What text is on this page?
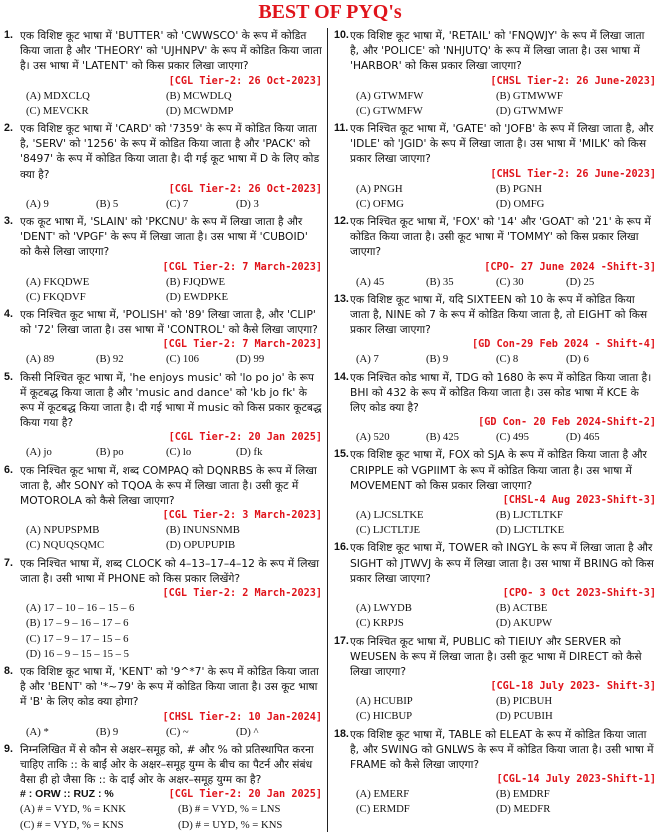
BEST OF PYQ's
1. एक विशिष्ट कूट भाषा में 'BUTTER' को 'CWWSCO' के रूप में कोडित किया जाता है और 'THEORY' को 'UJHNPV' के रूप में कोडित किया जाता है। उस भाषा में 'LATENT' को किस प्रकार लिखा जाएगा?
[CGL Tier-2: 26 Oct-2023]
(A) MDXCLQ	(B) MCWDLQ
(C) MEVCKR	(D) MCWDMP
2. एक विशिष्ट कूट भाषा में 'CARD' को '7359' के रूप में कोडित किया जाता है, 'SERV' को '1256' के रूप में कोडित किया जाता है और 'PACK' को '8497' के रूप में कोडित किया जाता है। दी गई कूट भाषा में D के लिए कोड क्या है?
[CGL Tier-2: 26 Oct-2023]
(A) 9	(B) 5	(C) 7	(D) 3
3. एक कूट भाषा में, 'SLAIN' को 'PKCNU' के रूप में लिखा जाता है और 'DENT' को 'VPGF' के रूप में लिखा जाता है। उस भाषा में 'CUBOID' को कैसे लिखा जाएगा?
[CGL Tier-2: 7 March-2023]
(A) FKQDWE	(B) FJQDWE
(C) FKQDVF	(D) EWDPKE
4. एक निश्चित कूट भाषा में, 'POLISH' को '89' लिखा जाता है, और 'CLIP' को '72' लिखा जाता है। उस भाषा में 'CONTROL' को कैसे लिखा जाएगा?
[CGL Tier-2: 7 March-2023]
(A) 89	(B) 92	(C) 106	(D) 99
5. किसी निश्चित कूट भाषा में, 'he enjoys music' को 'lo po jo' के रूप में कूटबद्ध किया जाता है और 'music and dance' को 'kb jo fk' के रूप में कूटबद्ध किया जाता है। दी गई भाषा में music को किस प्रकार कूटबद्ध किया गया है?
[CGL Tier-2: 20 Jan 2025]
(A) jo	(B) po	(C) lo	(D) fk
6. एक निश्चित कूट भाषा में, शब्द COMPAQ को DQNRBS के रूप में लिखा जाता है, और SONY को TQOA के रूप में लिखा जाता है। उसी कूट में MOTOROLA को कैसे लिखा जाएगा?
[CGL Tier-2: 3 March-2023]
(A) NPUPSPMB	(B) INUNSNMB
(C) NQUQSQMC	(D) OPUPUPIB
7. एक निश्चित भाषा में, शब्द CLOCK को 4–13–17–4–12 के रूप में लिखा जाता है। उसी भाषा में PHONE को किस प्रकार लिखेंगे?
[CGL Tier-2: 2 March-2023]
(A) 17 – 10 – 16 – 15 – 6
(B) 17 – 9 – 16 – 17 – 6
(C) 17 – 9 – 17 – 15 – 6
(D) 16 – 9 – 15 – 15 – 5
8. एक विशिष्ट कूट भाषा में, 'KENT' को '9^*7' के रूप में कोडित किया जाता है और 'BENT' को '*~79' के रूप में कोडित किया जाता है। उस कूट भाषा में 'B' के लिए कोड क्या होगा?
[CHSL Tier-2: 10 Jan-2024]
(A) *	(B) 9	(C) ~	(D) ^
9. निम्नलिखित में से कौन से अक्षर–समूह को, # और % को प्रतिस्थापित करना चाहिए ताकि :: के बाईं ओर के अक्षर–समूह युग्म के बीच का पैटर्न और संबंध वैसा ही हो जैसा कि :: के दाईं ओर के अक्षर–समूह युग्म का है?
# : ORW :: RUZ : %	[CGL Tier-2: 20 Jan 2025]
(A) # = VYD, % = KNK	(B) # = VYD, % = LNS
(C) # = VYD, % = KNS	(D) # = UYD, % = KNS
10. एक विशिष्ट कूट भाषा में, 'RETAIL' को 'FNQWJY' के रूप में लिखा जाता है, और 'POLICE' को 'NHJUTQ' के रूप में लिखा जाता है। उस भाषा में 'HARBOR' को किस प्रकार लिखा जाएगा?
[CHSL Tier-2: 26 June-2023]
(A) GTWMFW	(B) GTMWWF
(C) GTWMFW	(D) GTWMWF
11. एक निश्चित कूट भाषा में, 'GATE' को 'JOFB' के रूप में लिखा जाता है, और 'IDLE' को 'JGID' के रूप में लिखा जाता है। उस भाषा में 'MILK' को किस प्रकार लिखा जाएगा?
[CHSL Tier-2: 26 June-2023]
(A) PNGH	(B) PGNH
(C) OFMG	(D) OMFG
12. एक निश्चित कूट भाषा में, 'FOX' को '14' और 'GOAT' को '21' के रूप में कोडित किया जाता है। उसी कूट भाषा में 'TOMMY' को किस प्रकार लिखा जाएगा?
[CPO- 27 June 2024 -Shift-3]
(A) 45	(B) 35	(C) 30	(D) 25
13. एक विशिष्ट कूट भाषा में, यदि SIXTEEN को 10 के रूप में कोडित किया जाता है, NINE को 7 के रूप में कोडित किया जाता है, तो EIGHT को किस प्रकार लिखा जाएगा?
[GD Con-29 Feb 2024 - Shift-4]
(A) 7	(B) 9	(C) 8	(D) 6
14. एक निश्चित कोड भाषा में, TDG को 1680 के रूप में कोडित किया जाता है। BHI को 432 के रूप में कोडित किया जाता है। उस कोड भाषा में KCE के लिए कोड क्या है?
[GD Con- 20 Feb 2024-Shift-2]
(A) 520	(B) 425	(C) 495	(D) 465
15. एक विशिष्ट कूट भाषा में, FOX को SJA के रूप में कोडित किया जाता है और CRIPPLE को VGPIIMT के रूप में कोडित किया जाता है। उस भाषा में MOVEMENT को किस प्रकार लिखा जाएगा?
[CHSL-4 Aug 2023-Shift-3]
(A) LJCSLTKE	(B) LJCTLTKF
(C) LJCTLTJE	(D) LJCTLTKE
16. एक विशिष्ट कूट भाषा में, TOWER को INGYL के रूप में लिखा जाता है और SIGHT को JTWVJ के रूप में लिखा जाता है। उस भाषा में BRING को किस प्रकार लिखा जाएगा?
[CPO- 3 Oct 2023-Shift-3]
(A) LWYDB	(B) ACTBE
(C) KRPJS	(D) AKUPW
17. एक निश्चित कूट भाषा में, PUBLIC को TIEIUY और SERVER को WEUSEN के रूप में लिखा जाता है। उसी कूट भाषा में DIRECT को कैसे लिखा जाएगा?
[CGL-18 July 2023- Shift-3]
(A) HCUBIP	(B) PICBUH
(C) HICBUP	(D) PCUBIH
18. एक विशिष्ट कूट भाषा में, TABLE को ELEAT के रूप में कोडित किया जाता है, और SWING को GNLWS के रूप में कोडित किया जाता है। उसी भाषा में FRAME को कैसे लिखा जाएगा?
[CGL-14 July 2023-Shift-1]
(A) EMERF	(B) EMDRF
(C) ERMDF	(D) MEDFR
